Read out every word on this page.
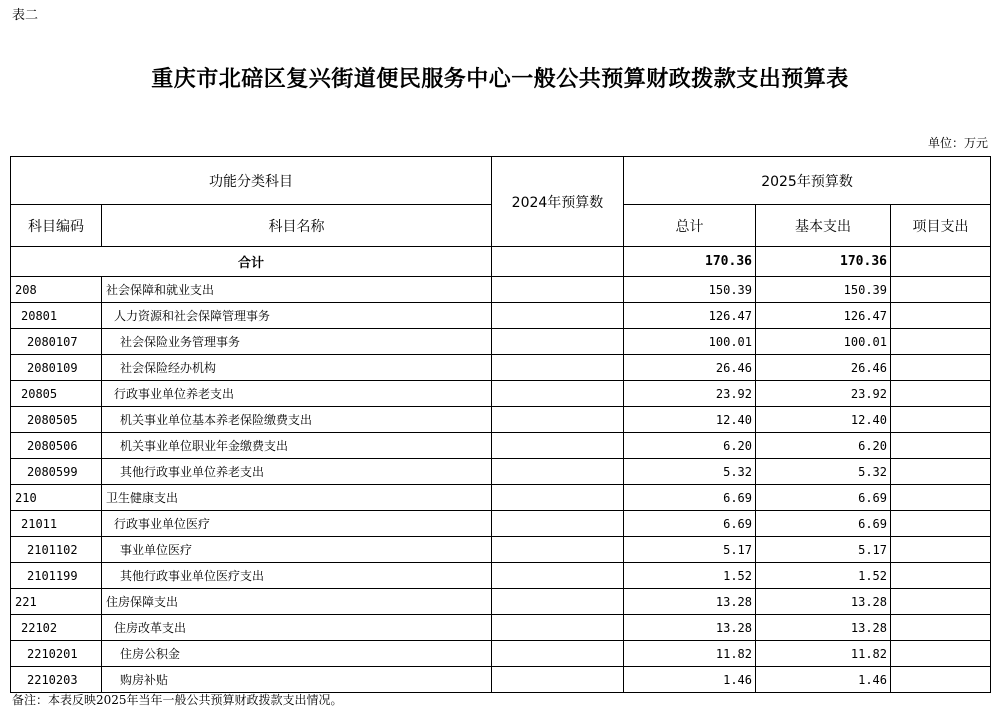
表二
重庆市北碚区复兴街道便民服务中心一般公共预算财政拨款支出预算表
单位：万元
功能分类科目		2024年预算数	2025年预算数		
科目编码	科目名称		总计	基本支出	项目支出
合计			170.36	170.36	
208	社会保障和就业支出		150.39	150.39	
20801	人力资源和社会保障管理事务		126.47	126.47	
2080107	社会保险业务管理事务		100.01	100.01	
2080109	社会保险经办机构		26.46	26.46	
20805	行政事业单位养老支出		23.92	23.92	
2080505	机关事业单位基本养老保险缴费支出		12.40	12.40	
2080506	机关事业单位职业年金缴费支出		6.20	6.20	
2080599	其他行政事业单位养老支出		5.32	5.32	
210	卫生健康支出		6.69	6.69	
21011	行政事业单位医疗		6.69	6.69	
2101102	事业单位医疗		5.17	5.17	
2101199	其他行政事业单位医疗支出		1.52	1.52	
221	住房保障支出		13.28	13.28	
22102	住房改革支出		13.28	13.28	
2210201	住房公积金		11.82	11.82	
2210203	购房补贴		1.46	1.46	
备注：本表反映2025年当年一般公共预算财政拨款支出情况。
